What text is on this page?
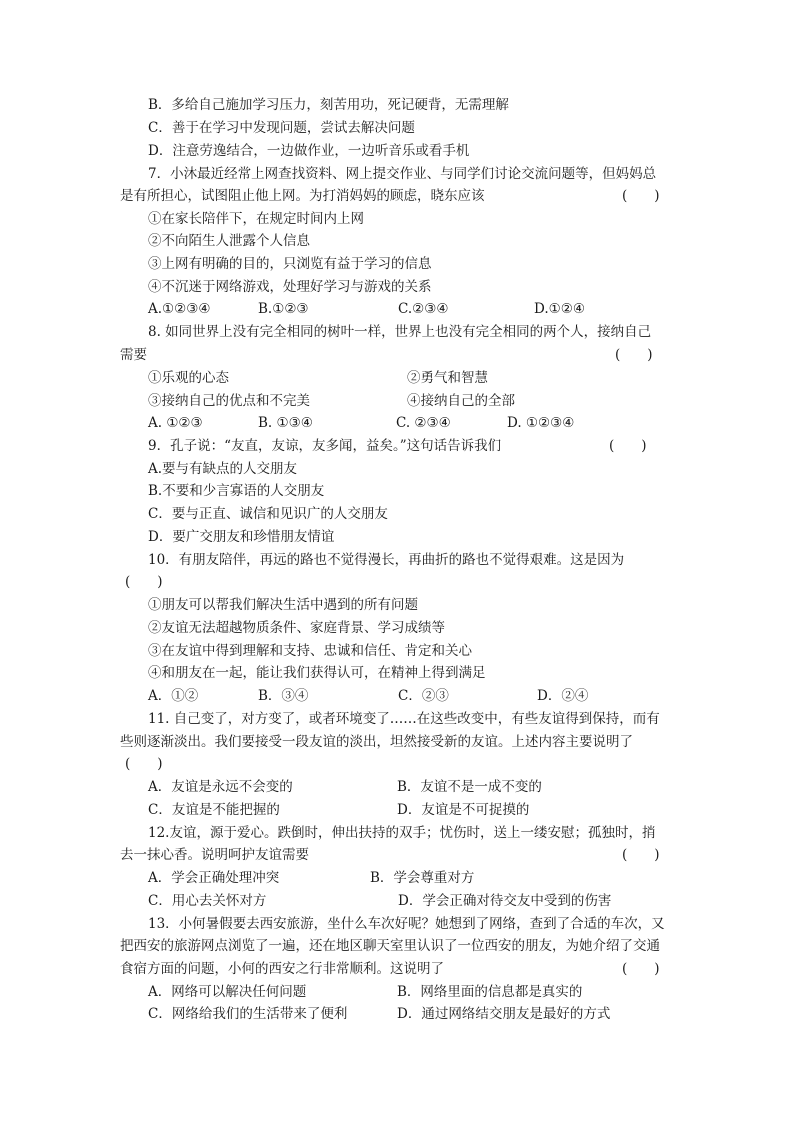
B．多给自己施加学习压力，刻苦用功，死记硬背，无需理解
C．善于在学习中发现问题，尝试去解决问题
D．注意劳逸结合，一边做作业，一边听音乐或看手机
7．小沐最近经常上网查找资料、网上提交作业、与同学们讨论交流问题等，但妈妈总
是有所担心，试图阻止他上网。为打消妈妈的顾虑，晓东应该	(　　)
①在家长陪伴下，在规定时间内上网
②不向陌生人泄露个人信息
③上网有明确的目的，只浏览有益于学习的信息
④不沉迷于网络游戏，处理好学习与游戏的关系
A.①②③④	B.①②③	C.②③④	D.①②④
8. 如同世界上没有完全相同的树叶一样，世界上也没有完全相同的两个人，接纳自己
需要	(　　)
①乐观的心态	②勇气和智慧
③接纳自己的优点和不完美	④接纳自己的全部
A. ①②③	B. ①③④	C. ②③④	D. ①②③④
9．孔子说：“友直，友谅，友多闻，益矣。”这句话告诉我们	(　　)
A.要与有缺点的人交朋友
B.不要和少言寡语的人交朋友
C．要与正直、诚信和见识广的人交朋友
D．要广交朋友和珍惜朋友情谊
10．有朋友陪伴，再远的路也不觉得漫长，再曲折的路也不觉得艰难。这是因为
(　　)
①朋友可以帮我们解决生活中遇到的所有问题
②友谊无法超越物质条件、家庭背景、学习成绩等
③在友谊中得到理解和支持、忠诚和信任、肯定和关心
④和朋友在一起，能让我们获得认可，在精神上得到满足
A．①②	B．③④	C．②③	D．②④
11. 自己变了，对方变了，或者环境变了……在这些改变中，有些友谊得到保持，而有
些则逐渐淡出。我们要接受一段友谊的淡出，坦然接受新的友谊。上述内容主要说明了
(　　)
A．友谊是永远不会变的	B．友谊不是一成不变的
C．友谊是不能把握的	D．友谊是不可捉摸的
12.友谊，源于爱心。跌倒时，伸出扶持的双手；忧伤时，送上一缕安慰；孤独时，捎
去一抹心香。说明呵护友谊需要	(　　)
A．学会正确处理冲突	B．学会尊重对方
C．用心去关怀对方	D．学会正确对待交友中受到的伤害
13．小何暑假要去西安旅游，坐什么车次好呢？她想到了网络，查到了合适的车次，又
把西安的旅游网点浏览了一遍，还在地区聊天室里认识了一位西安的朋友，为她介绍了交通
食宿方面的问题，小何的西安之行非常顺利。这说明了	(　　)
A．网络可以解决任何问题	B．网络里面的信息都是真实的
C．网络给我们的生活带来了便利	D．通过网络结交朋友是最好的方式
